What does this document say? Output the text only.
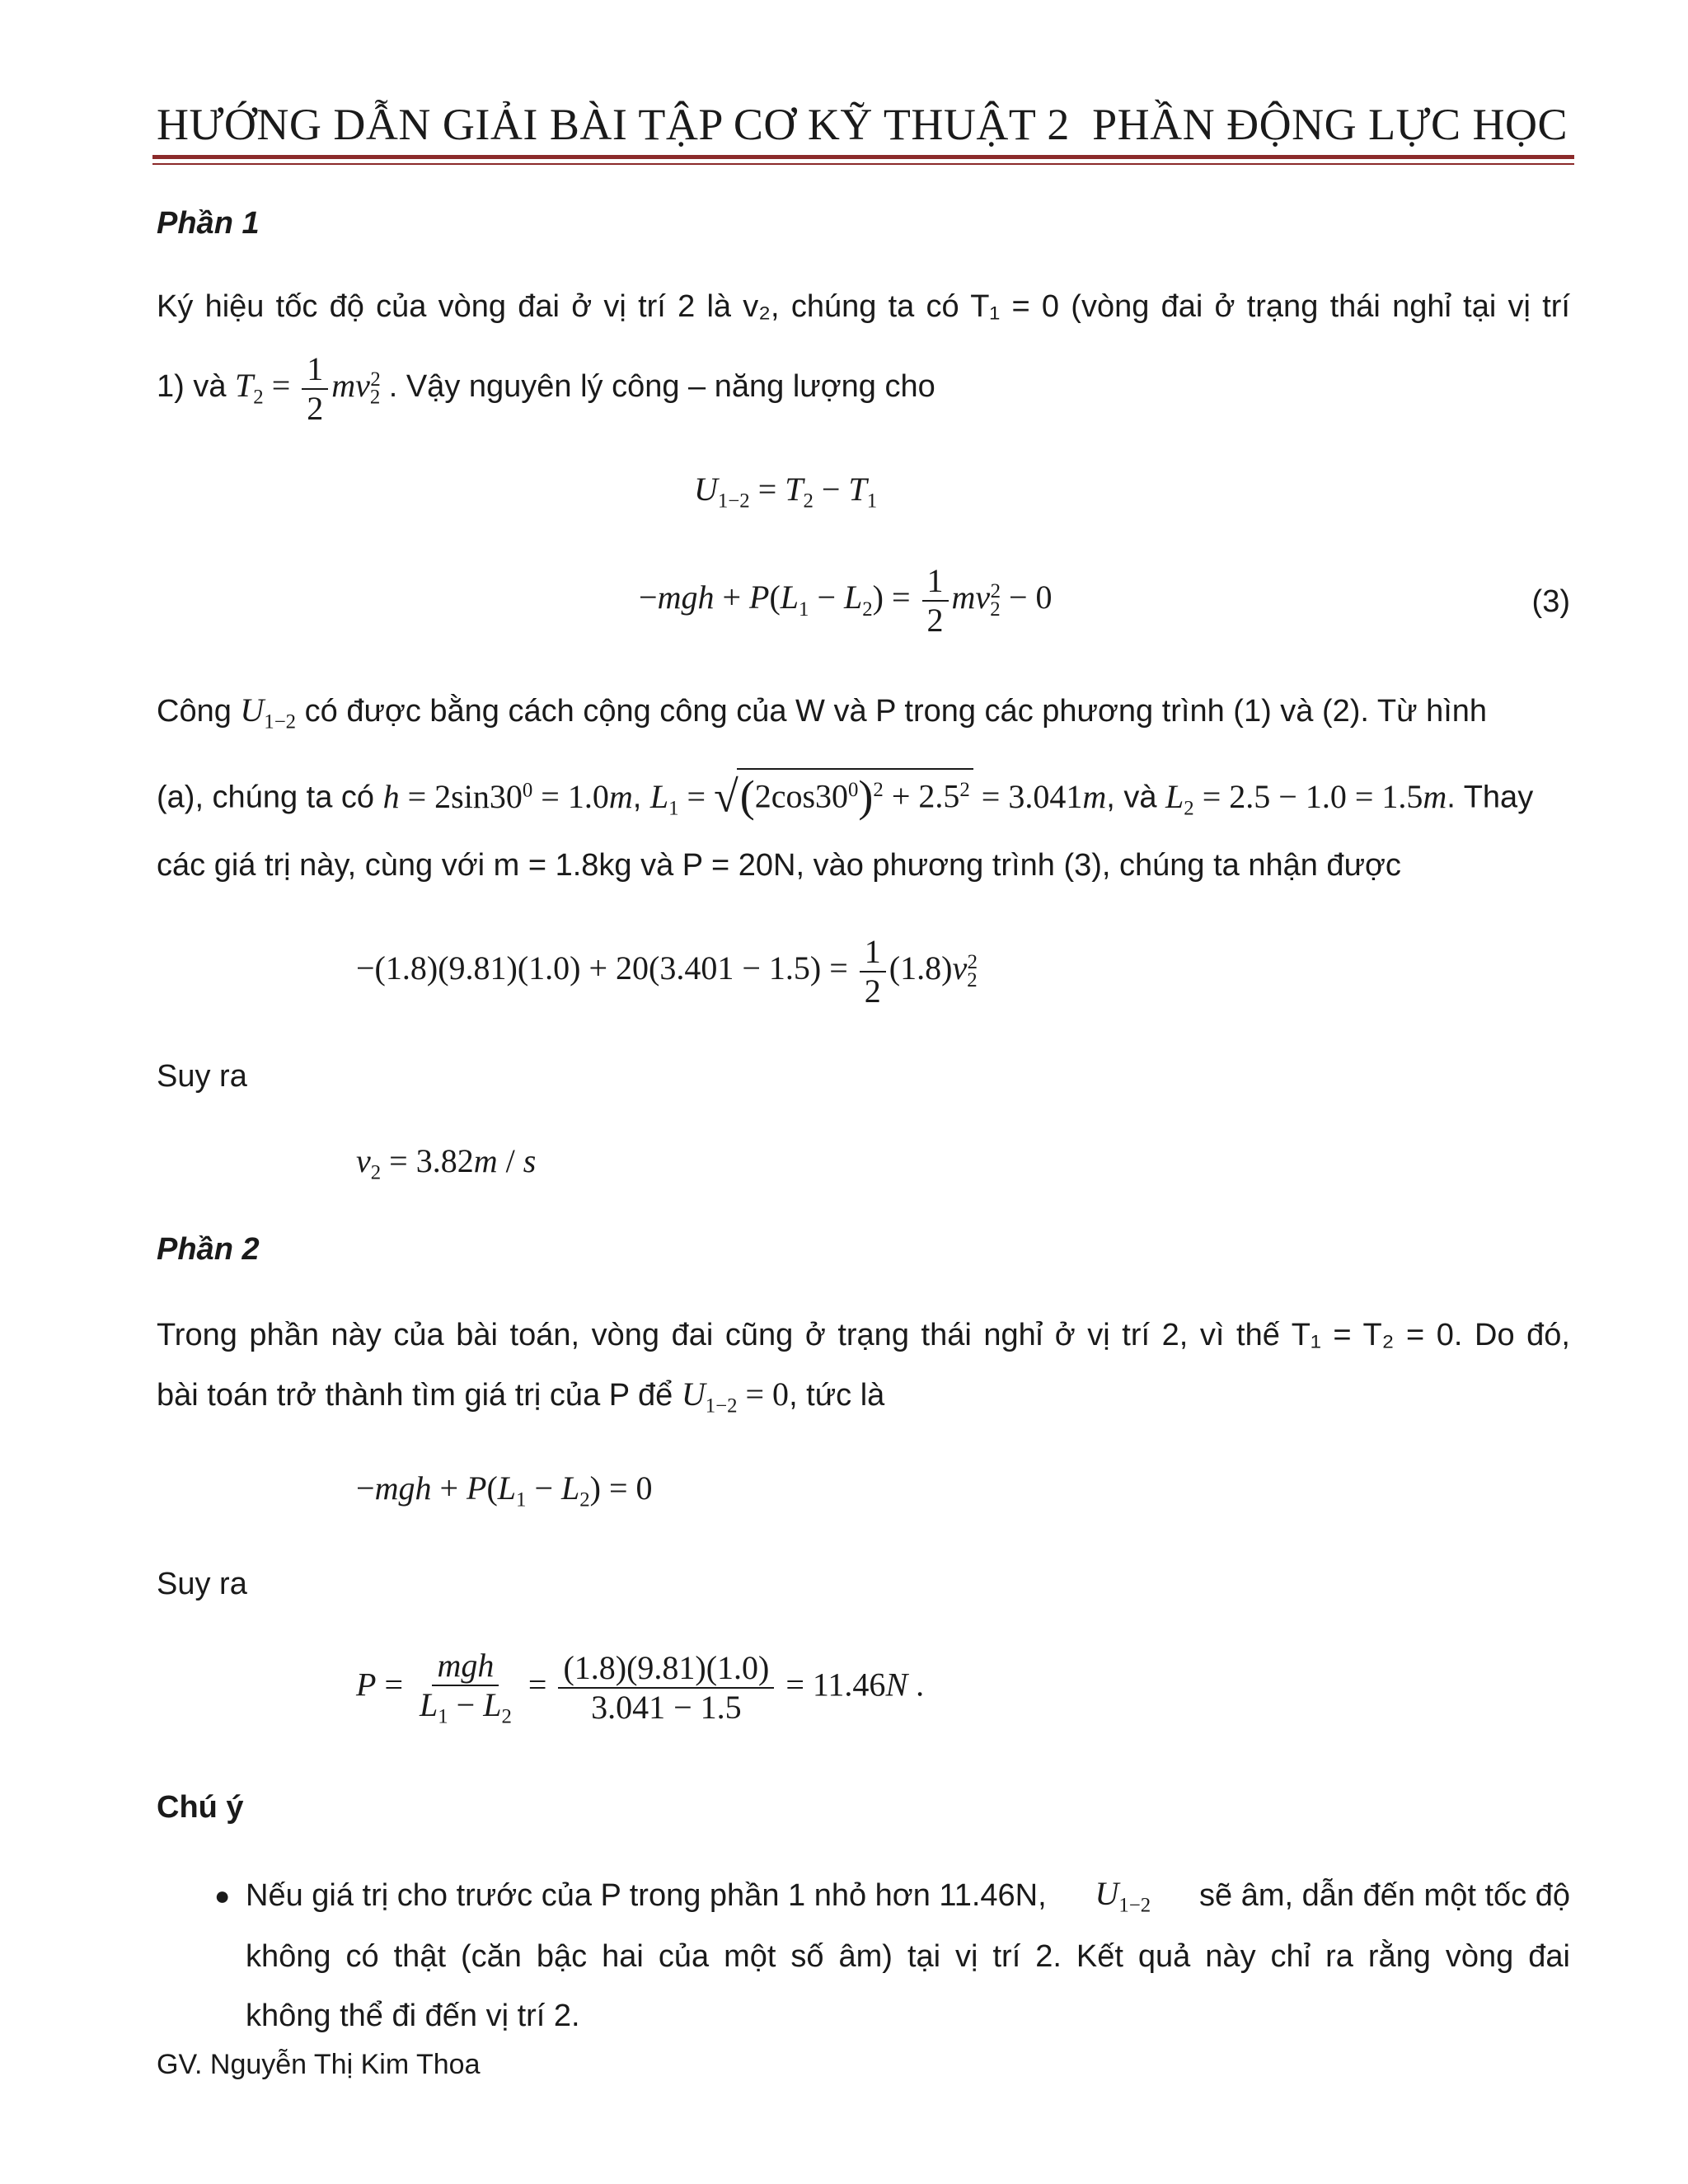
HƯỚNG DẪN GIẢI BÀI TẬP CƠ KỸ THUẬT 2 PHẦN ĐỘNG LỰC HỌC
Phần 1
Ký hiệu tốc độ của vòng đai ở vị trí 2 là v₂, chúng ta có T₁ = 0 (vòng đai ở trạng thái nghỉ tại vị trí
1) và $T_2 = \frac{1}{2} mv_2^2$ . Vậy nguyên lý công – năng lượng cho
$U_{1-2} = T_2 - T_1$
$-mgh + P(L_1 - L_2) = \frac{1}{2} mv_2^2 - 0$	(3)
Công $U_{1-2}$ có được bằng cách cộng công của W và P trong các phương trình (1) và (2). Từ hình
(a), chúng ta có $h = 2\sin 30^0 = 1.0m$, $L_1 = √(2\cos 30^0)^2 + 2.5^2 = 3.041m$, và $L_2 = 2.5 - 1.0 = 1.5m$. Thay
các giá trị này, cùng với m = 1.8kg và P = 20N, vào phương trình (3), chúng ta nhận được
$-(1.8)(9.81)(1.0) + 20(3.401 - 1.5) = \frac{1}{2} (1.8)v_2^2$
Suy ra
$v_2 = 3.82m / s$
Phần 2
Trong phần này của bài toán, vòng đai cũng ở trạng thái nghỉ ở vị trí 2, vì thế T₁ = T₂ = 0. Do đó,
bài toán trở thành tìm giá trị của P để $U_{1-2} = 0$, tức là
$-mgh + P(L_1 - L_2) = 0$
Suy ra
$P = \frac{\text{mgh}}{L_1 - L_2} = \frac{(1.8)(9.81)(1.0)}{3.041 - 1.5} = 11.46N$ .
Chú ý
● Nếu giá trị cho trước của P trong phần 1 nhỏ hơn 11.46N, $U_{1-2}$ sẽ âm, dẫn đến một tốc độ
không có thật (căn bậc hai của một số âm) tại vị trí 2. Kết quả này chỉ ra rằng vòng đai
không thể đi đến vị trí 2.
GV. Nguyễn Thị Kim Thoa
